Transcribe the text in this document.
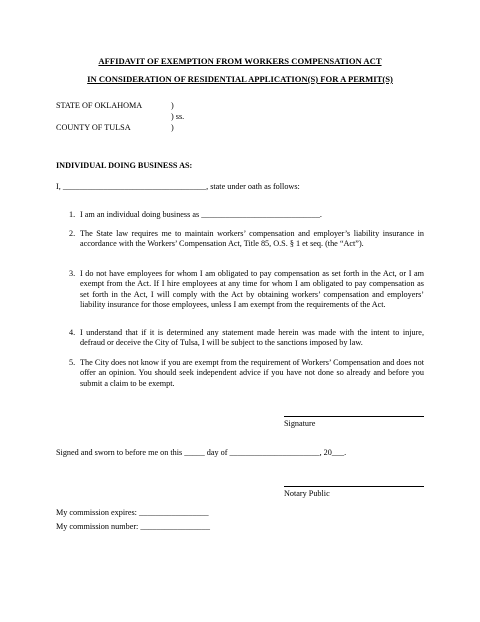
AFFIDAVIT OF EXEMPTION FROM WORKERS COMPENSATION ACT
IN CONSIDERATION OF RESIDENTIAL APPLICATION(S) FOR A PERMIT(S)
STATE OF OKLAHOMA	)
) ss.
COUNTY OF TULSA	)
INDIVIDUAL DOING BUSINESS AS:
I, ___________________________________, state under oath as follows:
1. I am an individual doing business as _____________________________.
2. The State law requires me to maintain workers’ compensation and employer’s liability insurance in accordance with the Workers’ Compensation Act, Title 85, O.S. § 1 et seq. (the “Act”).
3. I do not have employees for whom I am obligated to pay compensation as set forth in the Act, or I am exempt from the Act. If I hire employees at any time for whom I am obligated to pay compensation as set forth in the Act, I will comply with the Act by obtaining workers’ compensation and employers’ liability insurance for those employees, unless I am exempt from the requirements of the Act.
4. I understand that if it is determined any statement made herein was made with the intent to injure, defraud or deceive the City of Tulsa, I will be subject to the sanctions imposed by law.
5. The City does not know if you are exempt from the requirement of Workers’ Compensation and does not offer an opinion. You should seek independent advice if you have not done so already and before you submit a claim to be exempt.
Signature
Signed and sworn to before me on this _____ day of ______________________, 20___.
Notary Public
My commission expires: _________________
My commission number: _________________
